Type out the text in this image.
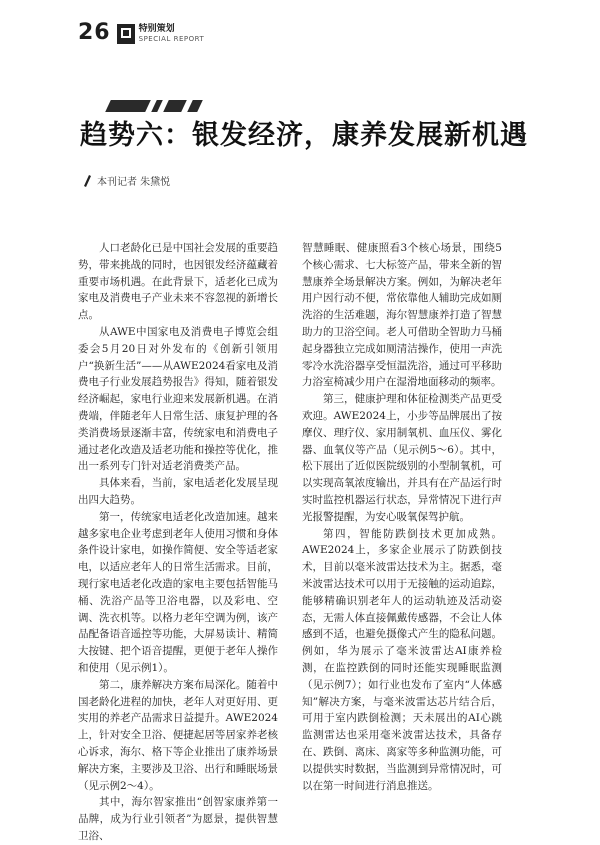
26	特别策划
SPECIAL REPORT
趋势六：银发经济，康养发展新机遇
本刊记者 朱黛悦

人口老龄化已是中国社会发展的重要趋势，带来挑战的同时，也因银发经济蕴藏着重要市场机遇。在此背景下，适老化已成为家电及消费电子产业未来不容忽视的新增长点。

从AWE中国家电及消费电子博览会组委会5月20日对外发布的《创新引领用户“换新生活”——从AWE2024看家电及消费电子行业发展趋势报告》得知，随着银发经济崛起，家电行业迎来发展新机遇。在消费端，伴随老年人日常生活、康复护理的各类消费场景逐渐丰富，传统家电和消费电子通过老化改造及适老功能和操控等优化，推出一系列专门针对适老消费类产品。

具体来看，当前，家电适老化发展呈现出四大趋势。

第一，传统家电适老化改造加速。越来越多家电企业考虑到老年人使用习惯和身体条件设计家电，如操作简便、安全等适老家电，以适应老年人的日常生活需求。目前，现行家电适老化改造的家电主要包括智能马桶、洗浴产品等卫浴电器，以及彩电、空调、洗衣机等。以格力老年空调为例，该产品配备语音遥控等功能，大屏易读计、精简大按键、把个语音提醒，更便于老年人操作和使用（见示例1）。

第二，康养解决方案布局深化。随着中国老龄化进程的加快，老年人对更好用、更实用的养老产品需求日益提升。AWE2024上，针对安全卫浴、便捷起居等居家养老核心诉求，海尔、格下等企业推出了康养场景解决方案，主要涉及卫浴、出行和睡眠场景（见示例2～4）。

其中，海尔智家推出“创智家康养第一品牌，成为行业引领者”为愿景，提供智慧卫浴、

智慧睡眠、健康照看3个核心场景，围绕5个核心需求、七大标签产品，带来全新的智慧康养全场景解决方案。例如，为解决老年用户因行动不便，常依靠他人辅助完成如厕洗浴的生活难题，海尔智慧康养打造了智慧助力的卫浴空间。老人可借助全智助力马桶起身器独立完成如厕清洁操作，使用一声洗零冷水洗浴器享受恒温洗浴，通过可平移助力浴室椅减少用户在湿滑地面移动的频率。

第三，健康护理和体征检测类产品更受欢迎。AWE2024上，小步等品牌展出了按摩仪、理疗仪、家用制氧机、血压仪、雾化器、血氧仪等产品（见示例5～6）。其中，松下展出了近似医院级别的小型制氧机，可以实现高氧浓度输出，并具有在产品运行时实时监控机器运行状态，异常情况下进行声光报警提醒，为安心吸氧保驾护航。

第四，智能防跌倒技术更加成熟。AWE2024上，多家企业展示了防跌倒技术，目前以毫米波雷达技术为主。据悉，毫米波雷达技术可以用于无接触的运动追踪，能够精确识别老年人的运动轨迹及活动姿态，无需人体直接佩戴传感器，不会让人体感到不适，也避免摄像式产生的隐私问题。例如，华为展示了毫米波雷达AI康养检测，在监控跌倒的同时还能实现睡眠监测（见示例7）；如行业也发布了室内“人体感知”解决方案，与毫米波雷达芯片结合后，可用于室内跌倒检测；天未展出的AI心跳监测雷达也采用毫米波雷达技术，具备存在、跌倒、离床、离家等多种监测功能，可以提供实时数据，当监测到异常情况时，可以在第一时间进行消息推送。
